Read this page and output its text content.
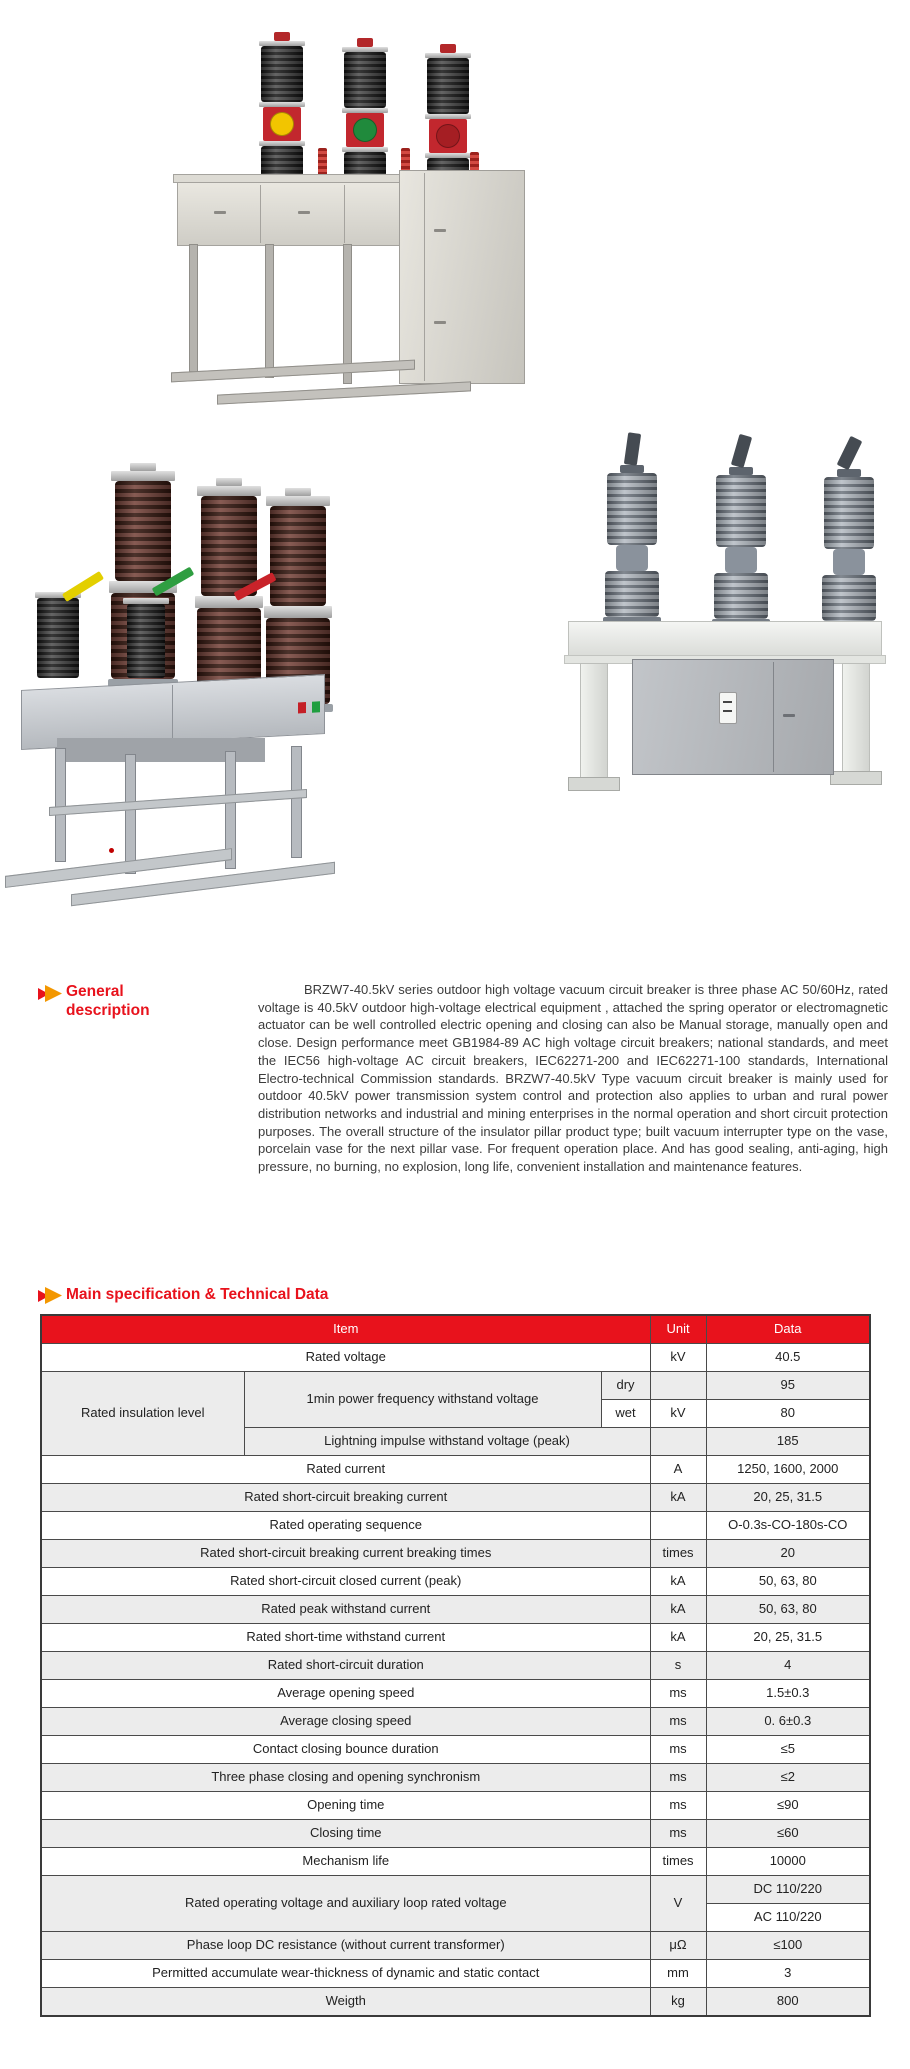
General
description
BRZW7-40.5kV series outdoor high voltage vacuum circuit breaker is three phase AC 50/60Hz, rated voltage is 40.5kV outdoor high-voltage electrical equipment , attached the spring operator or electromagnetic actuator can be well controlled electric opening and closing can also be Manual storage, manually open and close. Design performance meet GB1984-89 AC high voltage circuit breakers; national standards, and meet the IEC56 high-voltage AC circuit breakers, IEC62271-200 and IEC62271-100 standards, International Electro-technical Commission standards. BRZW7-40.5kV Type vacuum circuit breaker is mainly used for outdoor 40.5kV power transmission system control and protection also applies to urban and rural power distribution networks and industrial and mining enterprises in the normal operation and short circuit protection purposes. The overall structure of the insulator pillar product type; built vacuum interrupter type on the vase, porcelain vase for the next pillar vase. For frequent operation place. And has good sealing, anti-aging, high pressure, no burning, no explosion, long life, convenient installation and maintenance features.
Main specification & Technical Data
Item			Unit	Data
Rated voltage			kV	40.5
Rated insulation level	1min power frequency withstand voltage	dry		95
		wet	kV	80
	Lightning impulse withstand voltage (peak)			185
Rated current			A	1250, 1600, 2000
Rated short-circuit breaking current			kA	20, 25, 31.5
Rated operating sequence				O-0.3s-CO-180s-CO
Rated short-circuit breaking current breaking times			times	20
Rated short-circuit closed current (peak)			kA	50, 63, 80
Rated peak withstand current			kA	50, 63, 80
Rated short-time withstand current			kA	20, 25, 31.5
Rated short-circuit duration			s	4
Average opening speed			ms	1.5±0.3
Average closing speed			ms	0. 6±0.3
Contact closing bounce duration			ms	≤5
Three phase closing and opening synchronism			ms	≤2
Opening time			ms	≤90
Closing time			ms	≤60
Mechanism life			times	10000
Rated operating voltage and auxiliary loop rated voltage			V	DC 110/220
				AC 110/220
Phase loop DC resistance (without current transformer)			μΩ	≤100
Permitted accumulate wear-thickness of dynamic and static contact			mm	3
Weigth			kg	800
